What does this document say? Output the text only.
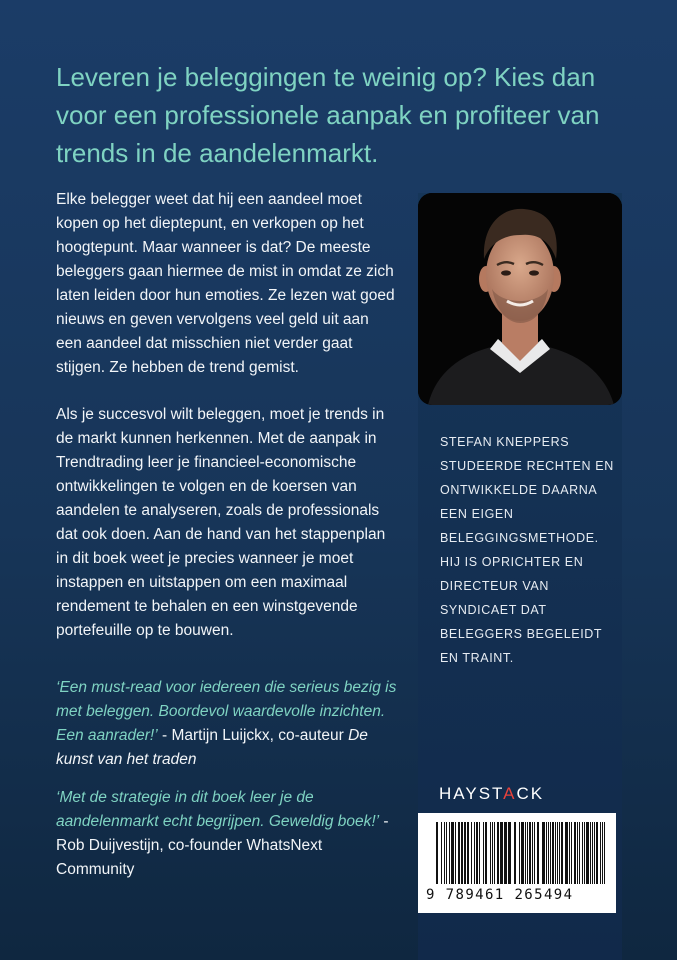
Leveren je beleggingen te weinig op? Kies dan voor een professionele aanpak en profiteer van trends in de aandelenmarkt.

Elke belegger weet dat hij een aandeel moet kopen op het dieptepunt, en verkopen op het hoogtepunt. Maar wanneer is dat? De meeste beleggers gaan hiermee de mist in omdat ze zich laten leiden door hun emoties. Ze lezen wat goed nieuws en geven vervolgens veel geld uit aan een aandeel dat misschien niet verder gaat stijgen. Ze hebben de trend gemist.

Als je succesvol wilt beleggen, moet je trends in de markt kunnen herkennen. Met de aanpak in Trendtrading leer je financieel-economische ontwikkelingen te volgen en de koersen van aandelen te analyseren, zoals de professionals dat ook doen. Aan de hand van het stappenplan in dit boek weet je precies wanneer je moet instappen en uitstappen om een maximaal rendement te behalen en een winstgevende portefeuille op te bouwen.

‘Een must-read voor iedereen die serieus bezig is met beleggen. Boordevol waardevolle inzichten. Een aanrader!’ - Martijn Luijckx, co-auteur De kunst van het traden

‘Met de strategie in dit boek leer je de aandelenmarkt echt begrijpen. Geweldig boek!’ - Rob Duijvestijn, co-founder WhatsNext Community

STEFAN KNEPPERS STUDEERDE RECHTEN EN ONTWIKKELDE DAARNA EEN EIGEN BELEGGINGSMETHODE. HIJ IS OPRICHTER EN DIRECTEUR VAN SYNDICAET DAT BELEGGERS BEGELEIDT EN TRAINT.

HAYSTACK
9 789461 265494
